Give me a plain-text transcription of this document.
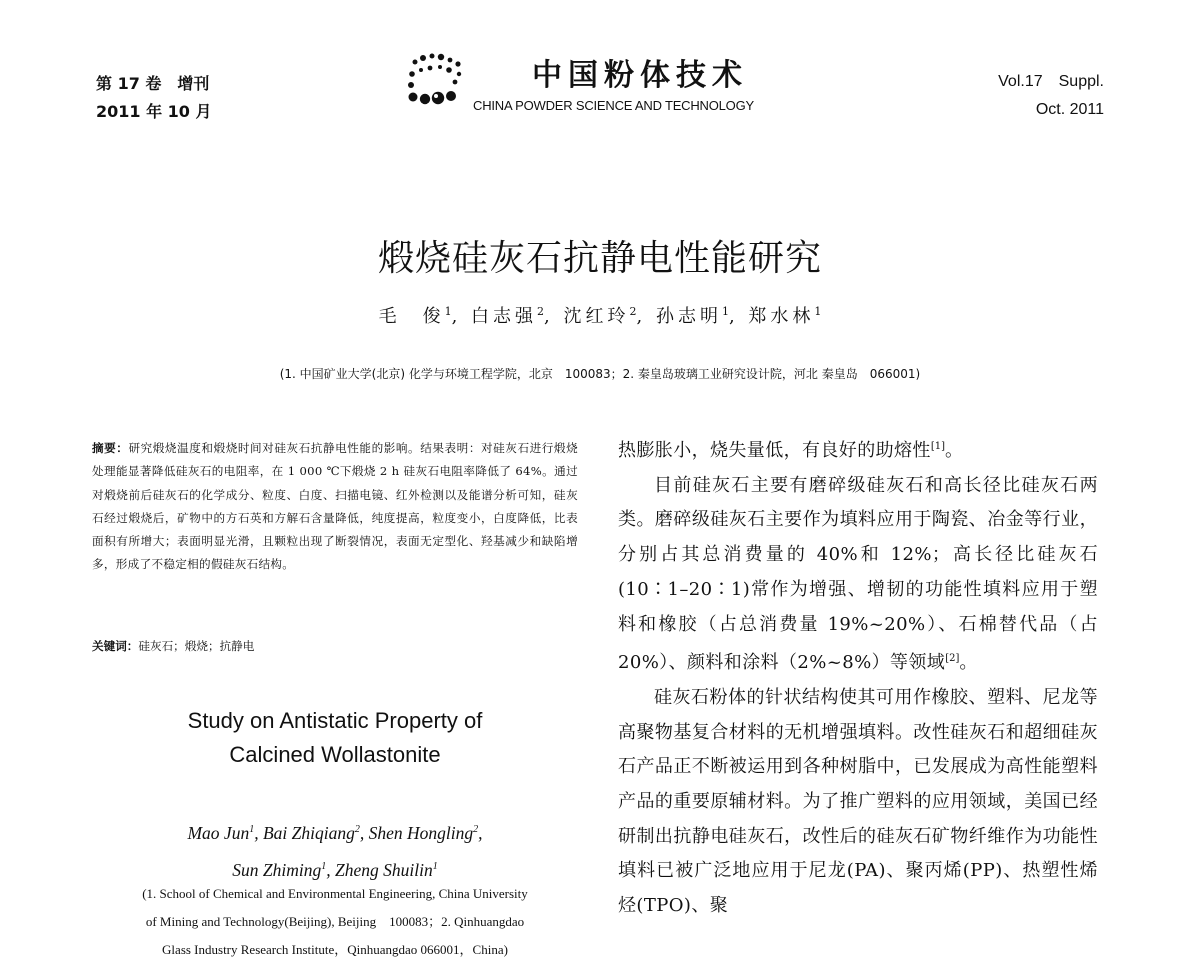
第 17 卷　增刊
2011 年 10 月
中国粉体技术
CHINA POWDER SCIENCE AND TECHNOLOGY
Vol.17　Suppl.
Oct. 2011
煅烧硅灰石抗静电性能研究
毛　俊$^1$, 白志强$^2$, 沈红玲$^2$, 孙志明$^1$, 郑水林$^1$
(1. 中国矿业大学(北京) 化学与环境工程学院，北京　100083；2. 秦皇岛玻璃工业研究设计院，河北 秦皇岛　066001)
摘要：研究煅烧温度和煅烧时间对硅灰石抗静电性能的影响。结果表明：对硅灰石进行煅烧处理能显著降低硅灰石的电阻率，在 1 000 ℃下煅烧 2 h 硅灰石电阻率降低了 64%。通过对煅烧前后硅灰石的化学成分、粒度、白度、扫描电镜、红外检测以及能谱分析可知，硅灰石经过煅烧后，矿物中的方石英和方解石含量降低，纯度提高，粒度变小，白度降低，比表面积有所增大；表面明显光滑，且颗粒出现了断裂情况，表面无定型化、羟基减少和缺陷增多，形成了不稳定相的假硅灰石结构。
关键词：硅灰石；煅烧；抗静电
Study on Antistatic Property of
Calcined Wollastonite
Mao Jun$^1$, Bai Zhiqiang$^2$, Shen Hongling$^2$,
Sun Zhiming$^1$, Zheng Shuilin$^1$
(1. School of Chemical and Environmental Engineering, China University
of Mining and Technology(Beijing), Beijing　100083；2. Qinhuangdao
Glass Industry Research Institute，Qinhuangdao 066001，China)

热膨胀小，烧失量低，有良好的助熔性[1]。

目前硅灰石主要有磨碎级硅灰石和高长径比硅灰石两类。磨碎级硅灰石主要作为填料应用于陶瓷、冶金等行业，分别占其总消费量的 40%和 12%；高长径比硅灰石(10∶1–20∶1)常作为增强、增韧的功能性填料应用于塑料和橡胶（占总消费量 19%~20%）、石棉替代品（占 20%）、颜料和涂料（2%~8%）等领域[2]。

硅灰石粉体的针状结构使其可用作橡胶、塑料、尼龙等高聚物基复合材料的无机增强填料。改性硅灰石和超细硅灰石产品正不断被运用到各种树脂中，已发展成为高性能塑料产品的重要原辅材料。为了推广塑料的应用领域，美国已经研制出抗静电硅灰石，改性后的硅灰石矿物纤维作为功能性填料已被广泛地应用于尼龙(PA)、聚丙烯(PP)、热塑性烯烃(TPO)、聚
